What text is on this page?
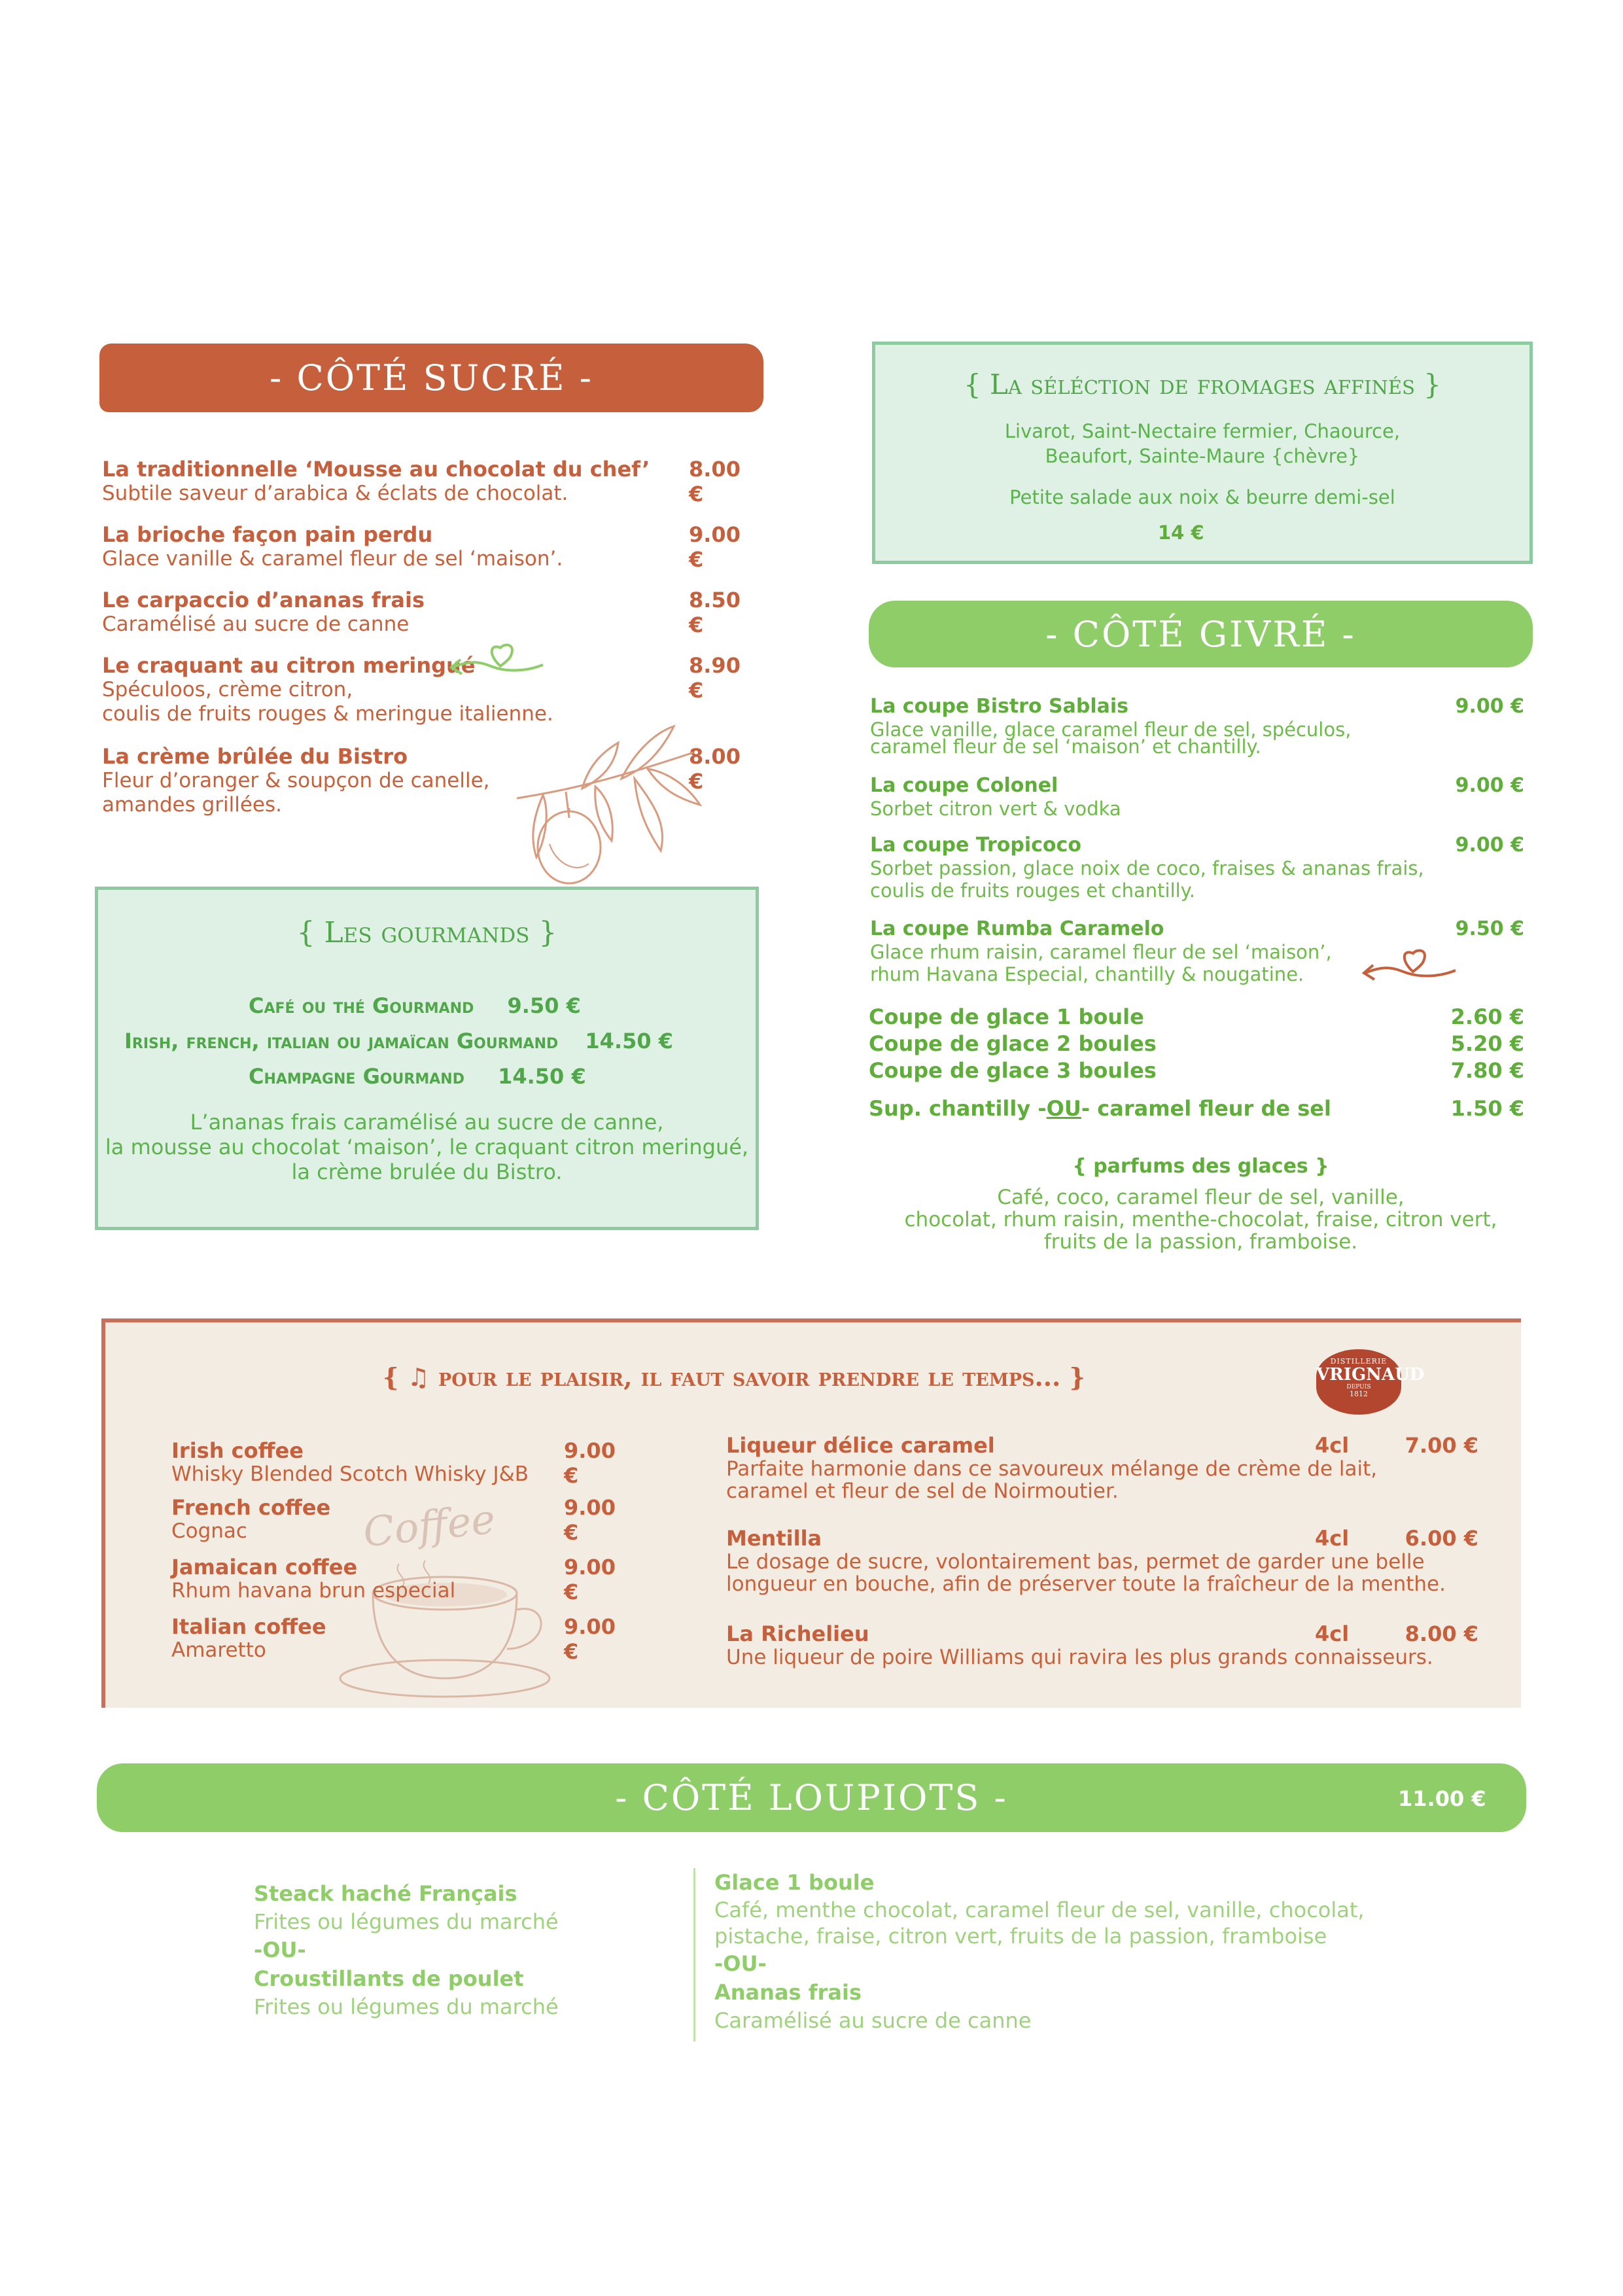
- CÔTÉ SUCRÉ -
La traditionnelle ‘Mousse au chocolat du chef’
Subtile saveur d’arabica & éclats de chocolat.
8.00 €
La brioche façon pain perdu
Glace vanille & caramel fleur de sel ‘maison’.
9.00 €
Le carpaccio d’ananas frais
Caramélisé au sucre de canne
8.50 €
Le craquant au citron meringué
Spéculoos, crème citron,
coulis de fruits rouges & meringue italienne.
8.90 €
La crème brûlée du Bistro
Fleur d’oranger & soupçon de canelle,
amandes grillées.
8.00 €
{ Les gourmands }
Café ou thé Gourmand 9.50 €
Irish, french, italian ou jamaïcan Gourmand 14.50 €
Champagne Gourmand 14.50 €
L’ananas frais caramélisé au sucre de canne,
la mousse au chocolat ‘maison’, le craquant citron meringué,
la crème brulée du Bistro.
{ La séléction de fromages affinés }
Livarot, Saint-Nectaire fermier, Chaource,
Beaufort, Sainte-Maure {chèvre}
Petite salade aux noix & beurre demi-sel
14 €
- CÔTÉ GIVRÉ -
La coupe Bistro Sablais
Glace vanille, glace caramel fleur de sel, spéculos,
caramel fleur de sel ‘maison’ et chantilly.
9.00 €
La coupe Colonel
Sorbet citron vert & vodka
9.00 €
La coupe Tropicoco
Sorbet passion, glace noix de coco, fraises & ananas frais,
coulis de fruits rouges et chantilly.
9.00 €
La coupe Rumba Caramelo
Glace rhum raisin, caramel fleur de sel ‘maison’,
rhum Havana Especial, chantilly & nougatine.
9.50 €
Coupe de glace 1 boule	2.60 €
Coupe de glace 2 boules	5.20 €
Coupe de glace 3 boules	7.80 €
Sup. chantilly -OU- caramel fleur de sel	1.50 €
{ parfums des glaces }
Café, coco, caramel fleur de sel, vanille,
chocolat, rhum raisin, menthe-chocolat, fraise, citron vert,
fruits de la passion, framboise.
{ ♫ pour le plaisir, il faut savoir prendre le temps... }
DISTILLERIE
VRIGNAUD
DEPUIS
1812
Coffee
Irish coffee
Whisky Blended Scotch Whisky J&B
9.00 €
French coffee
Cognac
9.00 €
Jamaican coffee
Rhum havana brun especial
9.00 €
Italian coffee
Amaretto
9.00 €
Liqueur délice caramel	4cl	7.00 €
Parfaite harmonie dans ce savoureux mélange de crème de lait,
caramel et fleur de sel de Noirmoutier.
Mentilla	4cl	6.00 €
Le dosage de sucre, volontairement bas, permet de garder une belle
longueur en bouche, afin de préserver toute la fraîcheur de la menthe.
La Richelieu	4cl	8.00 €
Une liqueur de poire Williams qui ravira les plus grands connaisseurs.
- CÔTÉ LOUPIOTS -	11.00 €
Steack haché Français
Frites ou légumes du marché
-OU-
Croustillants de poulet
Frites ou légumes du marché
Glace 1 boule
Café, menthe chocolat, caramel fleur de sel, vanille, chocolat,
pistache, fraise, citron vert, fruits de la passion, framboise
-OU-
Ananas frais
Caramélisé au sucre de canne
